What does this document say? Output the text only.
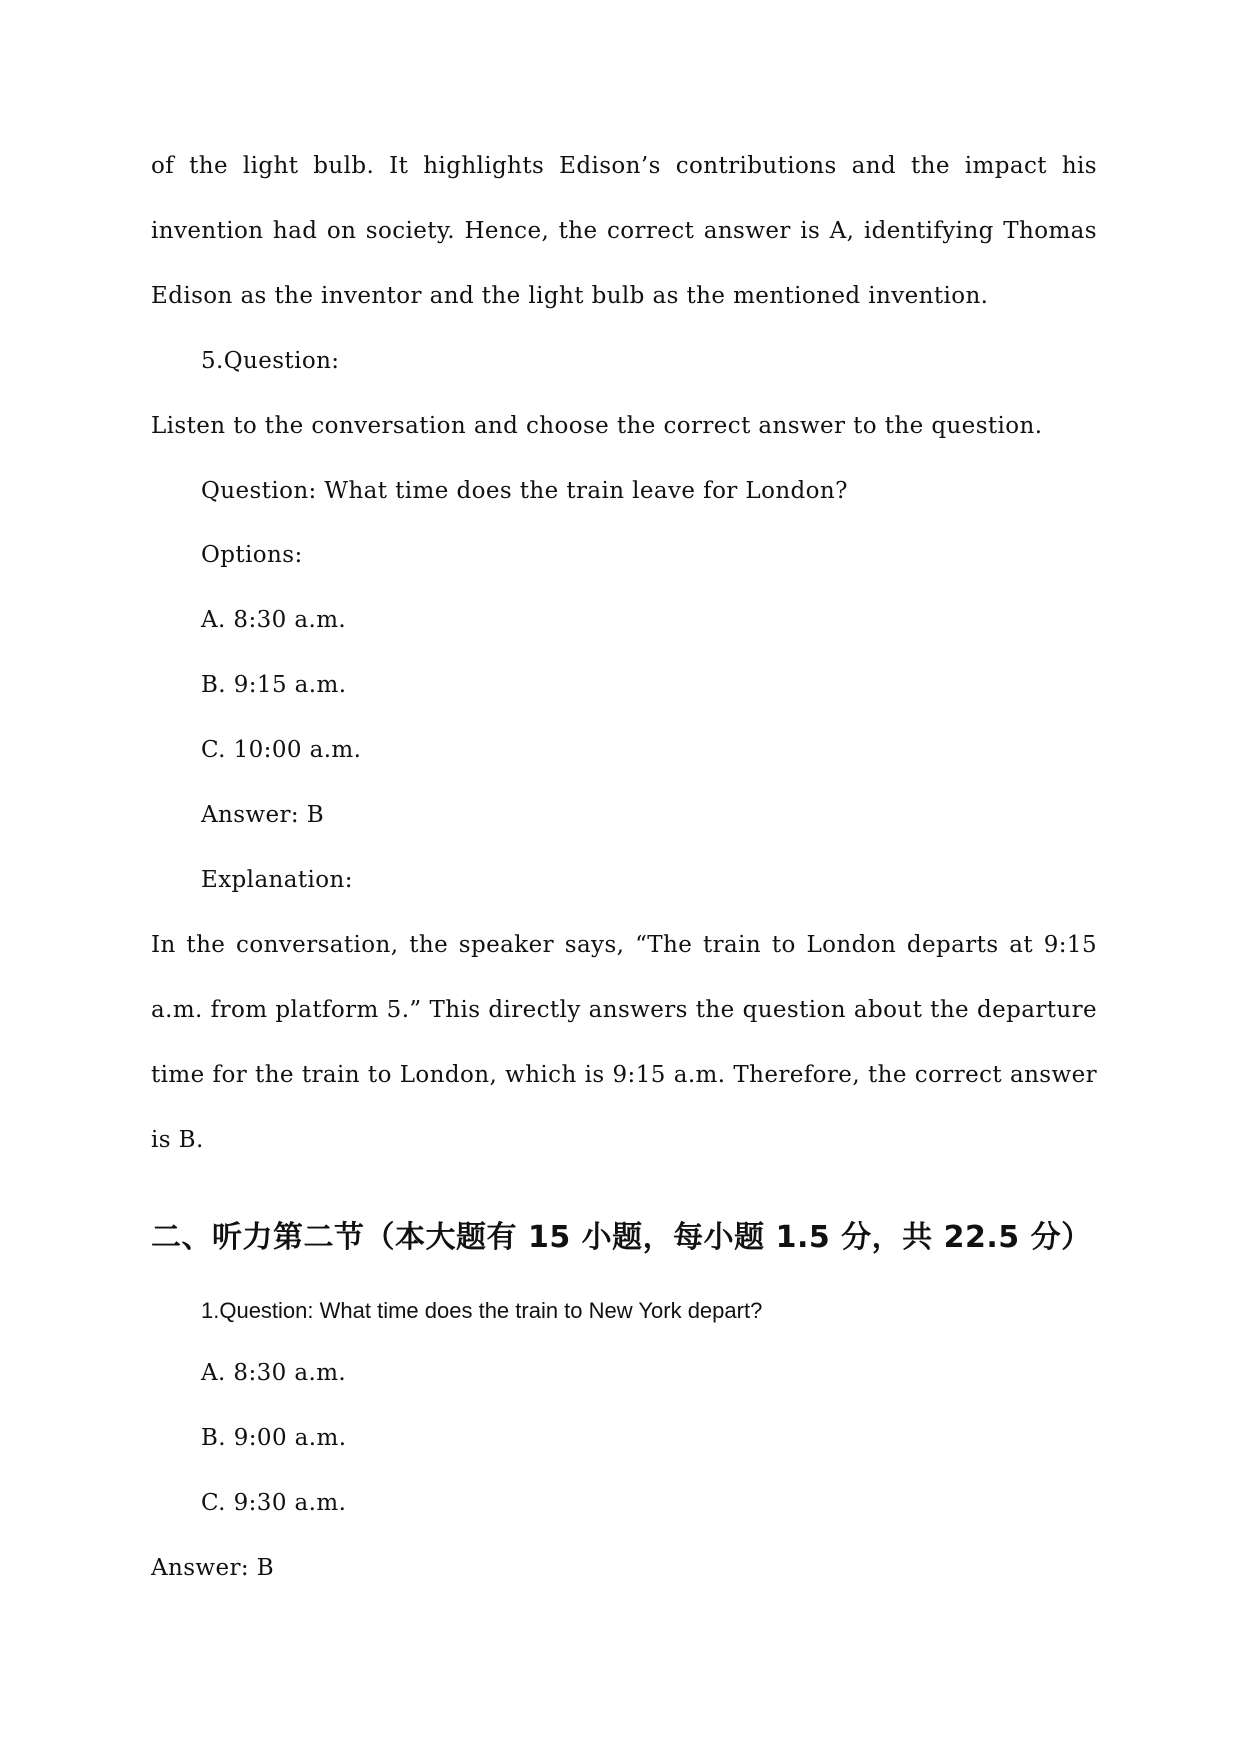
of the light bulb. It highlights Edison’s contributions and the impact his
invention had on society. Hence, the correct answer is A, identifying Thomas
Edison as the inventor and the light bulb as the mentioned invention.
5.Question:
Listen to the conversation and choose the correct answer to the question.
Question: What time does the train leave for London?
Options:
A. 8:30 a.m.
B. 9:15 a.m.
C. 10:00 a.m.
Answer: B
Explanation:
In the conversation, the speaker says, “The train to London departs at 9:15
a.m. from platform 5.” This directly answers the question about the departure
time for the train to London, which is 9:15 a.m. Therefore, the correct answer
is B.
二、听力第二节（本大题有 15 小题，每小题 1.5 分，共 22.5 分）
1.Question: What time does the train to New York depart?
A. 8:30 a.m.
B. 9:00 a.m.
C. 9:30 a.m.
Answer: B
